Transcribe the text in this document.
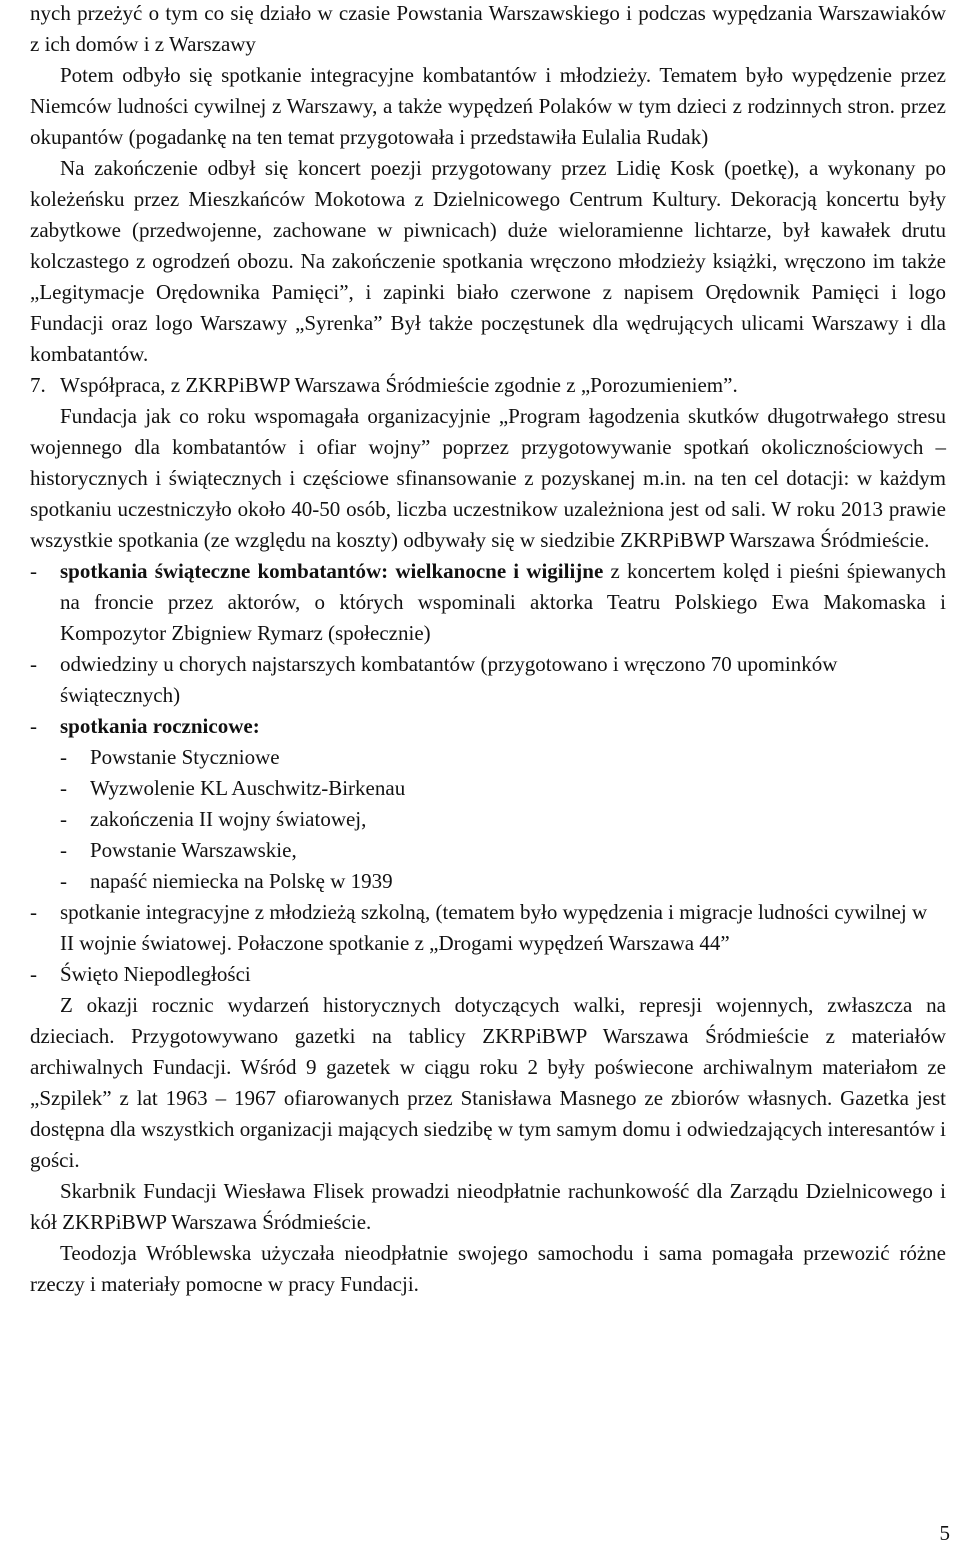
nych przeżyć o tym co się działo w czasie Powstania Warszawskiego i podczas wypędzania Warszawiaków z ich domów i z Warszawy

Potem odbyło się spotkanie integracyjne kombatantów i młodzieży. Tematem było wypędzenie przez Niemców ludności cywilnej z Warszawy, a także wypędzeń Polaków w tym dzieci z rodzinnych stron. przez okupantów (pogadankę na ten temat przygotowała i przedstawiła Eulalia Rudak)

Na zakończenie odbył się koncert poezji przygotowany przez Lidię Kosk (poetkę), a wykonany po koleżeńsku przez Mieszkańców Mokotowa z Dzielnicowego Centrum Kultury. Dekoracją koncertu były zabytkowe (przedwojenne, zachowane w piwnicach) duże wieloramienne lichtarze, był kawałek drutu kolczastego z ogrodzeń obozu. Na zakończenie spotkania wręczono młodzieży książki, wręczono im także „Legitymacje Orędownika Pamięci”, i zapinki biało czerwone z napisem Orędownik Pamięci i logo Fundacji oraz logo Warszawy „Syrenka” Był także poczęstunek dla wędrujących ulicami Warszawy i dla kombatantów.

7. Współpraca, z ZKRPiBWP Warszawa Śródmieście zgodnie z „Porozumieniem”.

Fundacja jak co roku wspomagała organizacyjnie „Program łagodzenia skutków długotrwałego stresu wojennego dla kombatantów i ofiar wojny” poprzez przygotowywanie spotkań okolicznościowych – historycznych i świątecznych i częściowe sfinansowanie z pozyskanej m.in. na ten cel dotacji: w każdym spotkaniu uczestniczyło około 40-50 osób, liczba uczestnikow uzależniona jest od sali. W roku 2013 prawie wszystkie spotkania (ze względu na koszty) odbywały się w siedzibie ZKRPiBWP Warszawa Śródmieście.

-	spotkania świąteczne kombatantów: wielkanocne i wigilijne z koncertem kolęd i pieśni śpiewanych na froncie przez aktorów, o których wspominali aktorka Teatru Polskiego Ewa Makomaska i Kompozytor Zbigniew Rymarz (społecznie)
-	odwiedziny u chorych najstarszych kombatantów (przygotowano i wręczono 70 upominków świątecznych)
-	spotkania rocznicowe:
-	Powstanie Styczniowe
-	Wyzwolenie KL Auschwitz-Birkenau
-	zakończenia II wojny światowej,
-	Powstanie Warszawskie,
-	napaść niemiecka na Polskę w 1939
-	spotkanie integracyjne z młodzieżą szkolną, (tematem było wypędzenia i migracje ludności cywilnej w II wojnie światowej. Połaczone spotkanie z „Drogami wypędzeń Warszawa 44”
-	Święto Niepodległości

Z okazji rocznic wydarzeń historycznych dotyczących walki, represji wojennych, zwłaszcza na dzieciach. Przygotowywano gazetki na tablicy ZKRPiBWP Warszawa Śródmieście z materiałów archiwalnych Fundacji. Wśród 9 gazetek w ciągu roku 2 były poświecone archiwalnym materiałom ze „Szpilek” z lat 1963 – 1967 ofiarowanych przez Stanisława Masnego ze zbiorów własnych. Gazetka jest dostępna dla wszystkich organizacji mających siedzibę w tym samym domu i odwiedzających interesantów i gości.

Skarbnik Fundacji Wiesława Flisek prowadzi nieodpłatnie rachunkowość dla Zarządu Dzielnicowego i kół ZKRPiBWP Warszawa Śródmieście.

Teodozja Wróblewska użyczała nieodpłatnie swojego samochodu i sama pomagała przewozić różne rzeczy i materiały pomocne w pracy Fundacji.

5
